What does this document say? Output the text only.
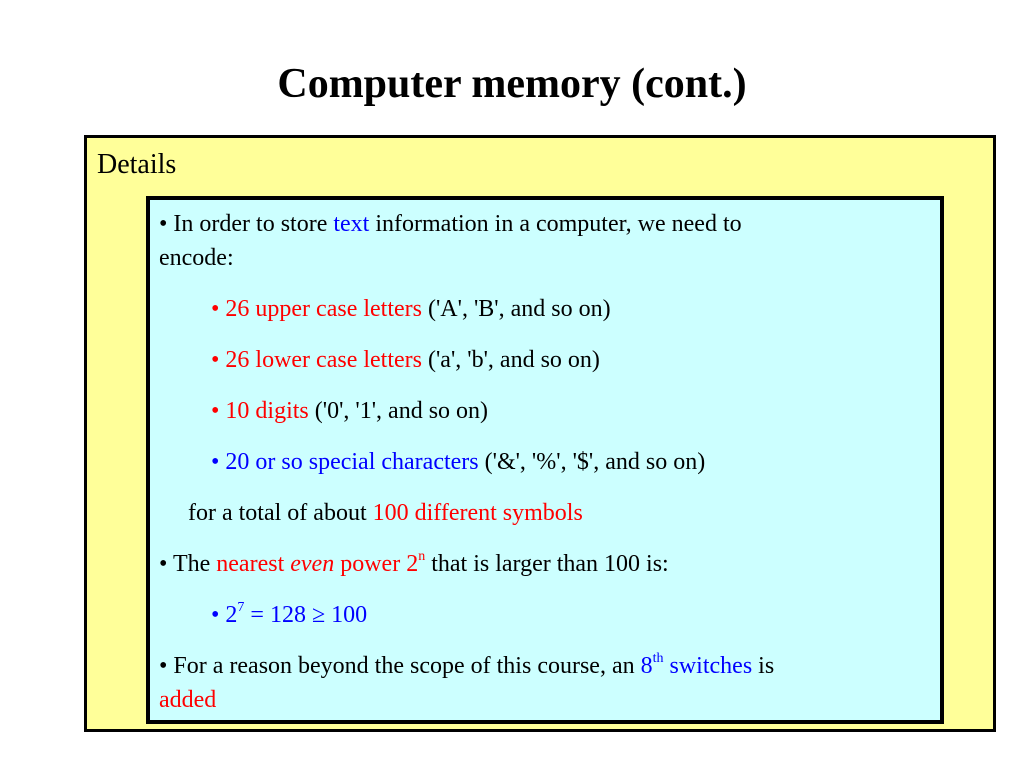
Computer memory (cont.)
Details
• In order to store text information in a computer, we need to
encode:
• 26 upper case letters ('A', 'B', and so on)
• 26 lower case letters ('a', 'b', and so on)
• 10 digits ('0', '1', and so on)
• 20 or so special characters ('&', '%', '$', and so on)
for a total of about 100 different symbols
• The nearest even power 2$^n$ that is larger than 100 is:
• $2^7 = 128 \ge 100$
• For a reason beyond the scope of this course, an 8th switches is
added
